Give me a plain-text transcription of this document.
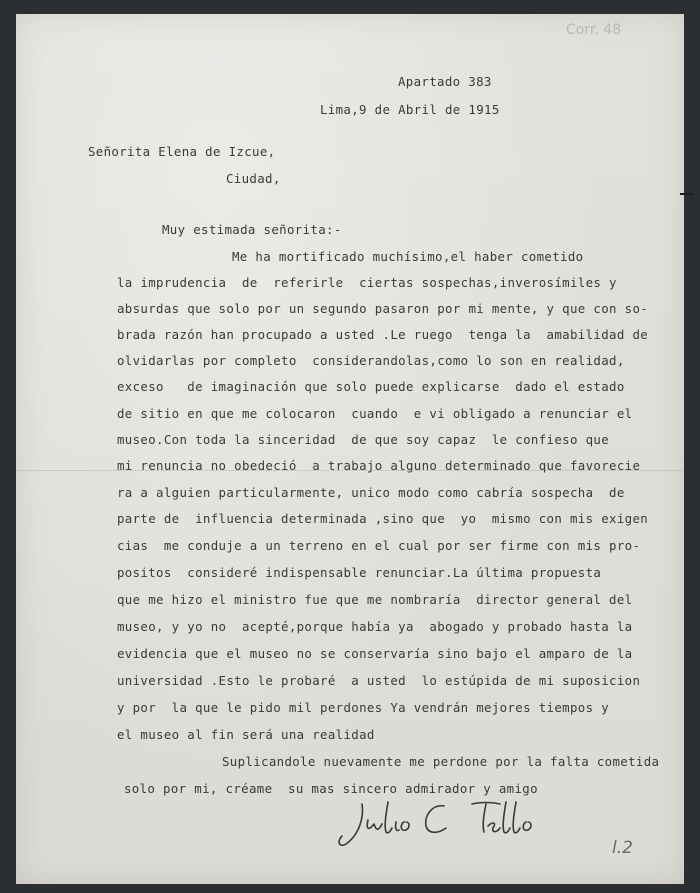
Corr. 48
Apartado 383
Lima,9 de Abril de 1915
Señorita Elena de Izcue,
Ciudad,
Muy estimada señorita:-
Me ha mortificado muchísimo,el haber cometido
la imprudencia  de  referirle  ciertas sospechas,inverosímiles y
absurdas que solo por un segundo pasaron por mi mente, y que con so-
brada razón han procupado a usted .Le ruego  tenga la  amabilidad de
olvidarlas por completo  considerandolas,como lo son en realidad,
exceso   de imaginación que solo puede explicarse  dado el estado
de sitio en que me colocaron  cuando  e vi obligado a renunciar el
museo.Con toda la sinceridad  de que soy capaz  le confieso que
mi renuncia no obedeció  a trabajo alguno determinado que favorecie
ra a alguien particularmente, unico modo como cabría sospecha  de
parte de  influencia determinada ,sino que  yo  mismo con mis exigen
cias  me conduje a un terreno en el cual por ser firme con mis pro-
positos  consideré indispensable renunciar.La última propuesta
que me hizo el ministro fue que me nombraría  director general del
museo, y yo no  acepté,porque había ya  abogado y probado hasta la
evidencia que el museo no se conservaría sino bajo el amparo de la
universidad .Esto le probaré  a usted  lo estúpida de mi suposicion
y por  la que le pido mil perdones Ya vendrán mejores tiempos y
el museo al fin será una realidad
Suplicandole nuevamente me perdone por la falta cometida
solo por mi, créame  su mas sincero admirador y amigo
l.2
